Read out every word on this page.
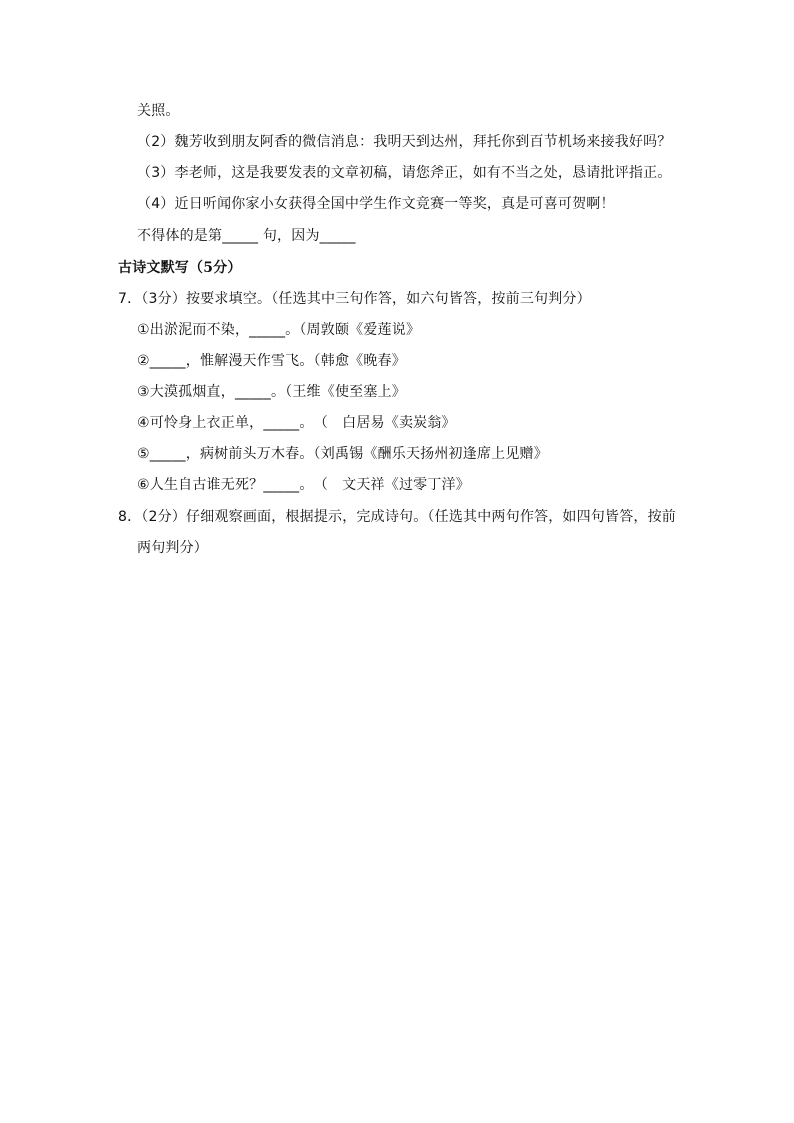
关照。
（2）魏芳收到朋友阿香的微信消息：我明天到达州，拜托你到百节机场来接我好吗？
（3）李老师，这是我要发表的文章初稿，请您斧正，如有不当之处，恳请批评指正。
（4）近日听闻你家小女获得全国中学生作文竞赛一等奖，真是可喜可贺啊！
不得体的是第_____ 句，因为_____
古诗文默写（5分）
7．（3分）按要求填空。（任选其中三句作答，如六句皆答，按前三句判分）
①出淤泥而不染，_____。（周敦颐《爱莲说》
②_____，惟解漫天作雪飞。（韩愈《晚春》
③大漠孤烟直，_____。（王维《使至塞上》
④可怜身上衣正单，_____。　（　白居易《卖炭翁》
⑤_____，病树前头万木春。（刘禹锡《酬乐天扬州初逢席上见赠》
⑥人生自古谁无死？_____。　（　文天祥《过零丁洋》
8．（2分）仔细观察画面，根据提示，完成诗句。（任选其中两句作答，如四句皆答，按前
两句判分）
